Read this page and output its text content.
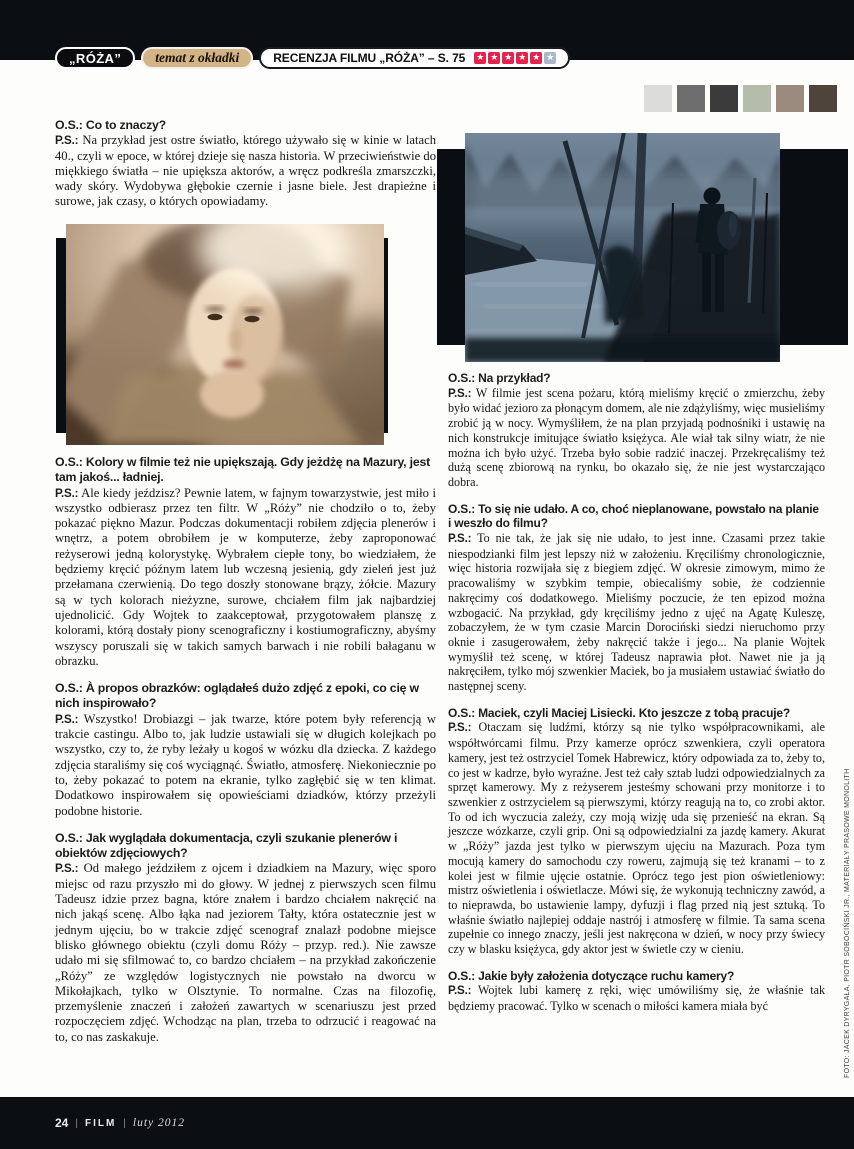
„RÓŻA”	temat z okładki	RECENZJA FILMU „RÓŻA” – S. 75 ★ ★ ★ ★ ★ ★

O.S.: Co to znaczy?

P.S.: Na przykład jest ostre światło, którego używało się w kinie w latach 40., czyli w epoce, w której dzieje się nasza historia. W przeciwieństwie do miękkiego światła – nie upiększa aktorów, a wręcz podkreśla zmarszczki, wady skóry. Wydobywa głębokie czernie i jasne biele. Jest drapieżne i surowe, jak czasy, o których opowiadamy.

O.S.: Kolory w filmie też nie upiększają. Gdy jeżdżę na Mazury, jest tam jakoś... ładniej.

P.S.: Ale kiedy jeździsz? Pewnie latem, w fajnym towarzystwie, jest miło i wszystko odbierasz przez ten filtr. W „Róży” nie chodziło o to, żeby pokazać piękno Mazur. Podczas dokumentacji robiłem zdjęcia plenerów i wnętrz, a potem obrobiłem je w komputerze, żeby zaproponować reżyserowi jedną kolorystykę. Wybrałem ciepłe tony, bo wiedziałem, że będziemy kręcić późnym latem lub wczesną jesienią, gdy zieleń jest już przełamana czerwienią. Do tego doszły stonowane brązy, żółcie. Mazury są w tych kolorach nieżyzne, surowe, chciałem film jak najbardziej ujednolicić. Gdy Wojtek to zaakceptował, przygotowałem planszę z kolorami, którą dostały piony scenograficzny i kostiumograficzny, abyśmy wszyscy poruszali się w takich samych barwach i nie robili bałaganu w obrazku.

O.S.: À propos obrazków: oglądałeś dużo zdjęć z epoki, co cię w nich inspirowało?

P.S.: Wszystko! Drobiazgi – jak twarze, które potem były referencją w trakcie castingu. Albo to, jak ludzie ustawiali się w długich kolejkach po wszystko, czy to, że ryby leżały u kogoś w wózku dla dziecka. Z każdego zdjęcia staraliśmy się coś wyciągnąć. Światło, atmosferę. Niekoniecznie po to, żeby pokazać to potem na ekranie, tylko zagłębić się w ten klimat. Dodatkowo inspirowałem się opowieściami dziadków, którzy przeżyli podobne historie.

O.S.: Jak wyglądała dokumentacja, czyli szukanie plenerów i obiektów zdjęciowych?

P.S.: Od małego jeździłem z ojcem i dziadkiem na Mazury, więc sporo miejsc od razu przyszło mi do głowy. W jednej z pierwszych scen filmu Tadeusz idzie przez bagna, które znałem i bardzo chciałem nakręcić na nich jakąś scenę. Albo łąka nad jeziorem Tałty, która ostatecznie jest w jednym ujęciu, bo w trakcie zdjęć scenograf znalazł podobne miejsce blisko głównego obiektu (czyli domu Róży – przyp. red.). Nie zawsze udało mi się sfilmować to, co bardzo chciałem – na przykład zakończenie „Róży” ze względów logistycznych nie powstało na dworcu w Mikołajkach, tylko w Olsztynie. To normalne. Czas na filozofię, przemyślenie znaczeń i założeń zawartych w scenariuszu jest przed rozpoczęciem zdjęć. Wchodząc na plan, trzeba to odrzucić i reagować na to, co nas zaskakuje.

O.S.: Na przykład?

P.S.: W filmie jest scena pożaru, którą mieliśmy kręcić o zmierzchu, żeby było widać jezioro za płonącym domem, ale nie zdążyliśmy, więc musieliśmy zrobić ją w nocy. Wymyśliłem, że na plan przyjadą podnośniki i ustawię na nich konstrukcje imitujące światło księżyca. Ale wiał tak silny wiatr, że nie można ich było użyć. Trzeba było sobie radzić inaczej. Przekręcaliśmy też dużą scenę zbiorową na rynku, bo okazało się, że nie jest wystarczająco dobra.

O.S.: To się nie udało. A co, choć nieplanowane, powstało na planie i weszło do filmu?

P.S.: To nie tak, że jak się nie udało, to jest inne. Czasami przez takie niespodzianki film jest lepszy niż w założeniu. Kręciliśmy chronologicznie, więc historia rozwijała się z biegiem zdjęć. W okresie zimowym, mimo że pracowaliśmy w szybkim tempie, obiecaliśmy sobie, że codziennie nakręcimy coś dodatkowego. Mieliśmy poczucie, że ten epizod można wzbogacić. Na przykład, gdy kręciliśmy jedno z ujęć na Agatę Kuleszę, zobaczyłem, że w tym czasie Marcin Dorociński siedzi nieruchomo przy oknie i zasugerowałem, żeby nakręcić także i jego... Na planie Wojtek wymyślił też scenę, w której Tadeusz naprawia płot. Nawet nie ja ją nakręciłem, tylko mój szwenkier Maciek, bo ja musiałem ustawiać światło do następnej sceny.

O.S.: Maciek, czyli Maciej Lisiecki. Kto jeszcze z tobą pracuje?

P.S.: Otaczam się ludźmi, którzy są nie tylko współpracownikami, ale współtwórcami filmu. Przy kamerze oprócz szwenkiera, czyli operatora kamery, jest też ostrzyciel Tomek Habrewicz, który odpowiada za to, żeby to, co jest w kadrze, było wyraźne. Jest też cały sztab ludzi odpowiedzialnych za sprzęt kamerowy. My z reżyserem jesteśmy schowani przy monitorze i to szwenkier z ostrzycielem są pierwszymi, którzy reagują na to, co zrobi aktor. To od ich wyczucia zależy, czy moją wizję uda się przenieść na ekran. Są jeszcze wózkarze, czyli grip. Oni są odpowiedzialni za jazdę kamery. Akurat w „Róży” jazda jest tylko w pierwszym ujęciu na Mazurach. Poza tym mocują kamery do samochodu czy roweru, zajmują się też kranami – to z kolei jest w filmie ujęcie ostatnie. Oprócz tego jest pion oświetleniowy: mistrz oświetlenia i oświetlacze. Mówi się, że wykonują techniczny zawód, a to nieprawda, bo ustawienie lampy, dyfuzji i flag przed nią jest sztuką. To właśnie światło najlepiej oddaje nastrój i atmosferę w filmie. Ta sama scena zupełnie co innego znaczy, jeśli jest nakręcona w dzień, w nocy przy świecy czy w blasku księżyca, gdy aktor jest w świetle czy w cieniu.

O.S.: Jakie były założenia dotyczące ruchu kamery?

P.S.: Wojtek lubi kamerę z ręki, więc umówiliśmy się, że właśnie tak będziemy pracować. Tylko w scenach o miłości kamera miała być	FOTO: JACEK DYRYGAŁA, PIOTR SOBOCIŃSKI JR., MATERIAŁY PRASOWE MONOLITH
24 | FILM | luty 2012
